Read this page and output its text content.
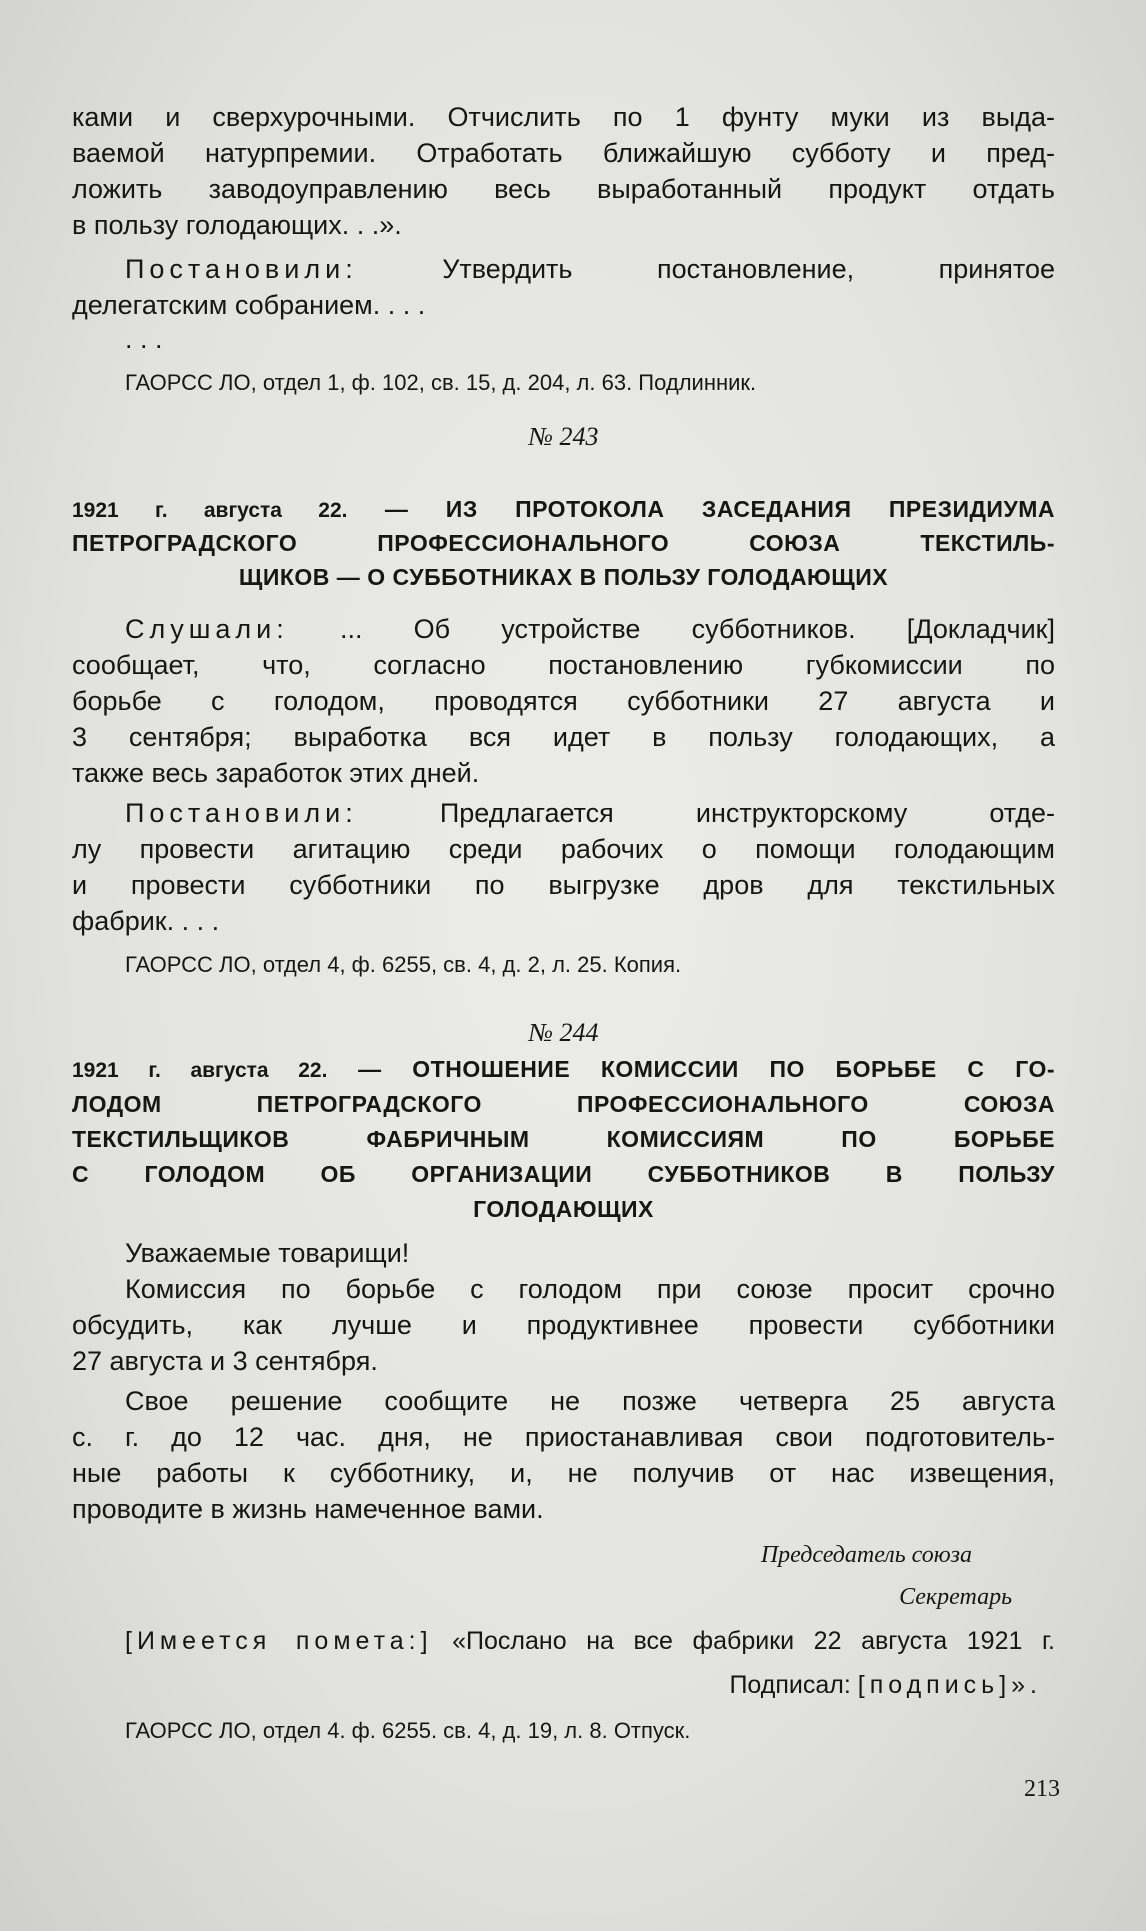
ками и сверхурочными. Отчислить по 1 фунту муки из выда-
ваемой натурпремии. Отработать ближайшую субботу и пред-
ложить заводоуправлению весь выработанный продукт отдать
в пользу голодающих. . .».
Постановили:	Утвердить постановление, принятое
делегатским собранием. . . .
. . .
ГАОРСС ЛО, отдел 1, ф. 102, св. 15, д. 204, л. 63. Подлинник.
№ 243
1921 г. августа 22. — ИЗ ПРОТОКОЛА ЗАСЕДАНИЯ ПРЕЗИДИУМА
ПЕТРОГРАДСКОГО ПРОФЕССИОНАЛЬНОГО СОЮЗА ТЕКСТИЛЬ-
ЩИКОВ — О СУББОТНИКАХ В ПОЛЬЗУ ГОЛОДАЮЩИХ
Слушали: ... Об устройстве субботников. [Докладчик]
сообщает, что, согласно постановлению губкомиссии по
борьбе с голодом, проводятся субботники 27 августа и
3 сентября; выработка вся идет в пользу голодающих, а
также весь заработок этих дней.
Постановили:	Предлагается инструкторскому отде-
лу провести агитацию среди рабочих о помощи голодающим
и провести субботники по выгрузке дров для текстильных
фабрик. . . .
ГАОРСС ЛО, отдел 4, ф. 6255, св. 4, д. 2, л. 25. Копия.
№ 244
1921 г. августа 22. — ОТНОШЕНИЕ КОМИССИИ ПО БОРЬБЕ С ГО-
ЛОДОМ ПЕТРОГРАДСКОГО ПРОФЕССИОНАЛЬНОГО СОЮЗА
ТЕКСТИЛЬЩИКОВ ФАБРИЧНЫМ КОМИССИЯМ ПО БОРЬБЕ
С ГОЛОДОМ ОБ ОРГАНИЗАЦИИ СУББОТНИКОВ В ПОЛЬЗУ
ГОЛОДАЮЩИХ
Уважаемые товарищи!
Комиссия по борьбе с голодом при союзе просит срочно
обсудить, как лучше и продуктивнее провести субботники
27 августа и 3 сентября.
Свое решение сообщите не позже четверга 25 августа
с. г. до 12 час. дня, не приостанавливая свои подготовитель-
ные работы к субботнику, и, не получив от нас извещения,
проводите в жизнь намеченное вами.
Председатель союза
Секретарь
[Имеется помета:] «Послано на все фабрики 22 августа 1921 г.
Подписал: [подпись]».
ГАОРСС ЛО, отдел 4. ф. 6255. св. 4, д. 19, л. 8. Отпуск.
213
